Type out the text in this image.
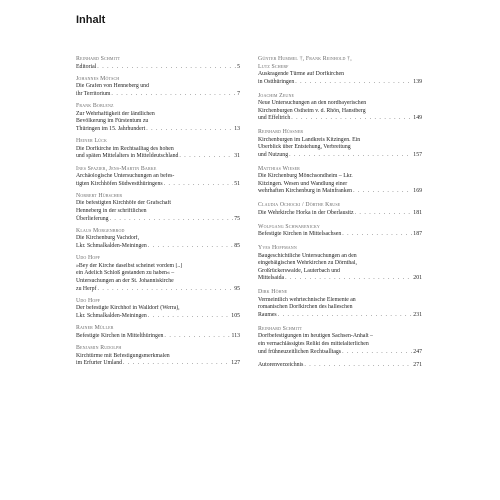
Inhalt
Reinhard Schmitt
Editorial . . .	5
Johannes Mötsch
Die Grafen von Henneberg und
ihr Territorium . . .	7
Frank Boblenz
Zur Wehrhaftigkeit der ländlichen
Bevölkerung im Fürstentum zu
Thüringen im 15. Jahrhundert . . .	13
Heiner Lück
Die Dorfkirche im Rechtsalltag des hohen
und späten Mittelalters in Mitteldeutschland . . .	31
Ines Spazier, Jens-Martin Barke
Archäologische Untersuchungen an befes-
tigten Kirchhöfen Südwestthüringens . . .	51
Norbert Hübscher
Die befestigten Kirchhöfe der Grafschaft
Henneberg in der schriftlichen
Überlieferung . . .	75
Klaus Morgenbrod
Die Kirchenburg Vachdorf,
Lkr. Schmalkalden-Meiningen . . .	85
Udo Hopf
»Bey der Kirche daselbst scheinet vordem [..]
ein Adelich Schloß gestanden zu haben« –
Untersuchungen an der St. Johanniskirche
zu Herpf . . .	95
Udo Hopf
Der befestigte Kirchhof in Walldorf (Werra),
Lkr. Schmalkalden-Meiningen . . .	105
Rainer Müller
Befestigte Kirchen in Mittelthüringen . . .	113
Benjamin Rudolph
Kirchtürme mit Befestigungsmerkmalen
im Erfurter Umland . . .	127
Günter Hummel †, Frank Reinhold †,
Lutz Scherf
Auskragende Türme auf Dorfkirchen
in Ostthüringen . . .	139
Joachim Zeune
Neue Untersuchungen an den nordbayerischen
Kirchenburgen Ostheim v. d. Rhön, Hanstberg
und Effeltrich . . .	149
Reinhard Hüssner
Kirchenburgen im Landkreis Kitzingen. Ein
Überblick über Entstehung, Verbreitung
und Nutzung . . .	157
Matthias Wieser
Die Kirchenburg Mönchsondheim – Lkr.
Kitzingen. Wesen und Wandlung einer
wehrhaften Kirchenburg in Mainfranken . . .	169
Claudia Ochocki / Dörthe Kruse
Die Wehrkirche Horka in der Oberlausitz . . .	181
Wolfgang Schwabenicky
Befestigte Kirchen in Mittelsachsen . . .	187
Yves Hoffmann
Baugeschichtliche Untersuchungen an den
eingebäigischen Wehrkirchen zu Dörnthal,
Großrückerswalde, Lauterbach und
Mittelsaida . . .	201
Dirk Höhne
Vermeintlich wehrtechnische Elemente an
romanischen Dorfkirchen des halleschen
Raumes . . .	231
Reinhard Schmitt
Dorfbefestigungen im heutigen Sachsen-Anhalt –
ein vernachlässigtes Relikt des mittelalterlichen
und frühneuzeitlichen Rechtsalltags . . .	247
Autorenverzeichnis . . .	271
